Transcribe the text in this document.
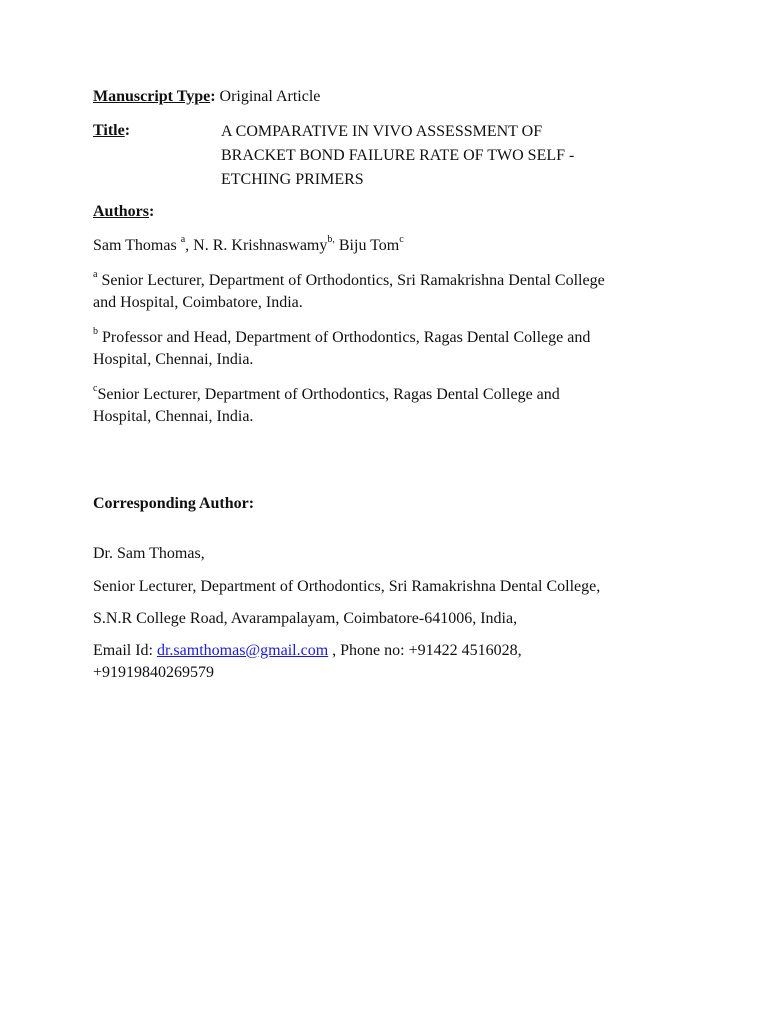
Manuscript Type: Original Article
Title:	A COMPARATIVE IN VIVO ASSESSMENT OF
BRACKET BOND FAILURE RATE OF TWO SELF -
ETCHING PRIMERS
Authors:
Sam Thomas $^a$, N. R. Krishnaswamy$^{b,}$ Biju Tom$^c$
$^a$ Senior Lecturer, Department of Orthodontics, Sri Ramakrishna Dental College
and Hospital, Coimbatore, India.
$^b$ Professor and Head, Department of Orthodontics, Ragas Dental College and
Hospital, Chennai, India.
$^c$Senior Lecturer, Department of Orthodontics, Ragas Dental College and
Hospital, Chennai, India.
Corresponding Author:
Dr. Sam Thomas,
Senior Lecturer, Department of Orthodontics, Sri Ramakrishna Dental College,
S.N.R College Road, Avarampalayam, Coimbatore-641006, India,
Email Id: dr.samthomas@gmail.com , Phone no: +91422 4516028,
+91919840269579
